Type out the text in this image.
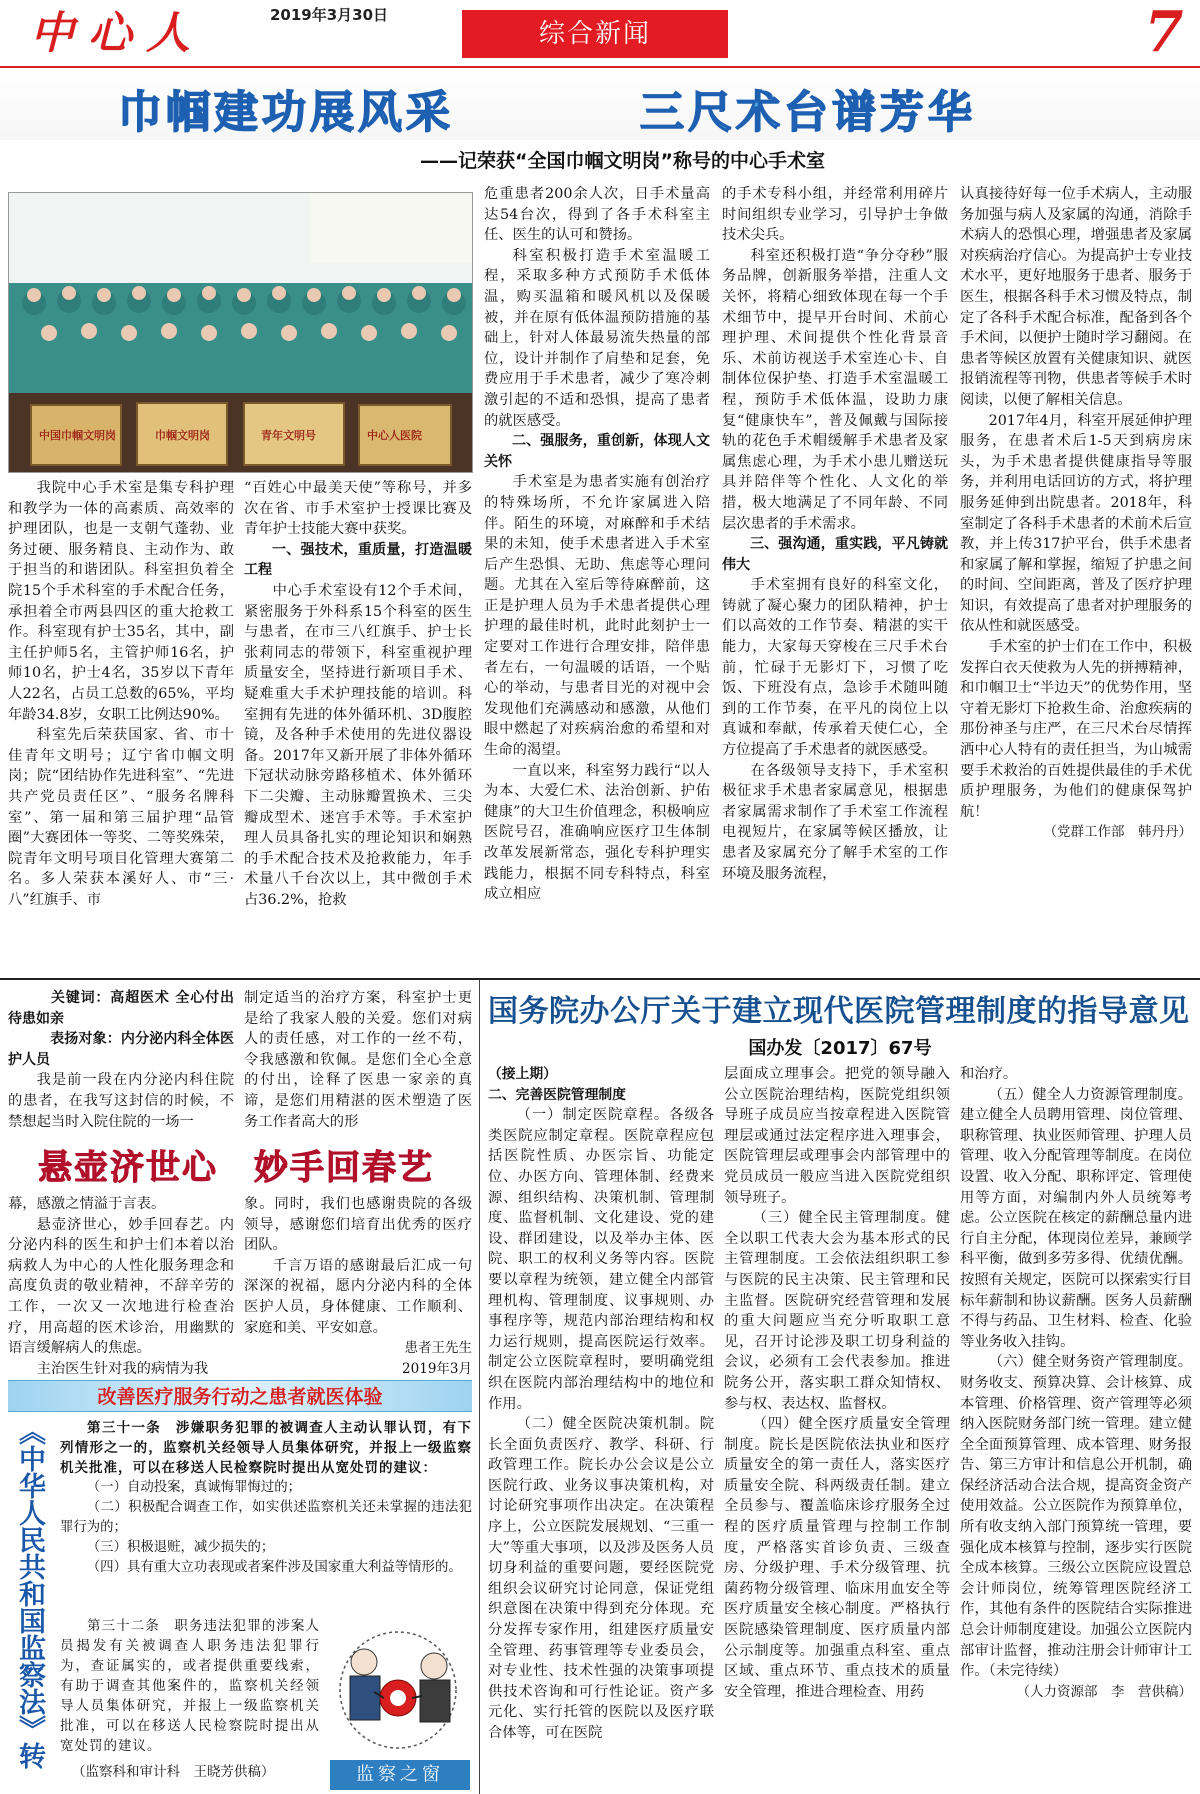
中心人	2019年3月30日
综合新闻	7
巾帼建功展风采	三尺术台谱芳华
——记荣获“全国巾帼文明岗”称号的中心手术室
中国巾帼文明岗	巾帼文明岗	青年文明号	中心人医院

我院中心手术室是集专科护理和教学为一体的高素质、高效率的护理团队，也是一支朝气蓬勃、业务过硬、服务精良、主动作为、敢于担当的和谐团队。科室担负着全院15个手术科室的手术配合任务，承担着全市两县四区的重大抢救工作。科室现有护士35名，其中，副主任护师5名，主管护师16名，护师10名，护士4名，35岁以下青年人22名，占员工总数的65%，平均年龄34.8岁，女职工比例达90%。

科室先后荣获国家、省、市十佳青年文明号；辽宁省巾帼文明岗；院“团结协作先进科室”、“先进共产党员责任区”、“服务名牌科室”、第一届和第三届护理“品管圈”大赛团体一等奖、二等奖殊荣，院青年文明号项目化管理大赛第二名。多人荣获本溪好人、市“三·八”红旗手、市

“百姓心中最美天使”等称号，并多次在省、市手术室护士授课比赛及青年护士技能大赛中获奖。

一、强技术，重质量，打造温暖工程

中心手术室设有12个手术间，紧密服务于外科系15个科室的医生与患者，在市三八红旗手、护士长张莉同志的带领下，科室重视护理质量安全，坚持进行新项目手术、疑难重大手术护理技能的培训。科室拥有先进的体外循环机、3D腹腔镜，及各种手术使用的先进仪器设备。2017年又新开展了非体外循环下冠状动脉旁路移植术、体外循环下二尖瓣、主动脉瓣置换术、三尖瓣成型术、迷宫手术等。手术室护理人员具备扎实的理论知识和娴熟的手术配合技术及抢救能力，年手术量八千台次以上，其中微创手术占36.2%，抢救

危重患者200余人次，日手术量高达54台次，得到了各手术科室主任、医生的认可和赞扬。

科室积极打造手术室温暖工程，采取多种方式预防手术低体温，购买温箱和暖风机以及保暖被，并在原有低体温预防措施的基础上，针对人体最易流失热量的部位，设计并制作了肩垫和足套，免费应用于手术患者，减少了寒冷刺激引起的不适和恐惧，提高了患者的就医感受。

二、强服务，重创新，体现人文关怀

手术室是为患者实施有创治疗的特殊场所，不允许家属进入陪伴。陌生的环境，对麻醉和手术结果的未知，使手术患者进入手术室后产生恐惧、无助、焦虑等心理问题。尤其在入室后等待麻醉前，这正是护理人员为手术患者提供心理护理的最佳时机，此时此刻护士一定要对工作进行合理安排，陪伴患者左右，一句温暖的话语，一个贴心的举动，与患者目光的对视中会发现他们充满感动和感激，从他们眼中燃起了对疾病治愈的希望和对生命的渴望。

一直以来，科室努力践行“以人为本、大爱仁术、法治创新、护佑健康”的大卫生价值理念，积极响应医院号召，准确响应医疗卫生体制改革发展新常态，强化专科护理实践能力，根据不同专科特点，科室成立相应

的手术专科小组，并经常利用碎片时间组织专业学习，引导护士争做技术尖兵。

科室还积极打造“争分夺秒”服务品牌，创新服务举措，注重人文关怀，将精心细致体现在每一个手术细节中，提早开台时间、术前心理护理、术间提供个性化背景音乐、术前访视送手术室连心卡、自制体位保护垫、打造手术室温暖工程，预防手术低体温，设助力康复“健康快车”，普及佩戴与国际接轨的花色手术帽缓解手术患者及家属焦虑心理，为手术小患儿赠送玩具并陪伴等个性化、人文化的举措，极大地满足了不同年龄、不同层次患者的手术需求。

三、强沟通，重实践，平凡铸就伟大

手术室拥有良好的科室文化，铸就了凝心聚力的团队精神，护士们以高效的工作节奏、精湛的实干能力，大家每天穿梭在三尺手术台前，忙碌于无影灯下，习惯了吃饭、下班没有点，急诊手术随叫随到的工作节奏，在平凡的岗位上以真诚和奉献，传承着天使仁心，全方位提高了手术患者的就医感受。

在各级领导支持下，手术室积极征求手术患者家属意见，根据患者家属需求制作了手术室工作流程电视短片，在家属等候区播放，让患者及家属充分了解手术室的工作环境及服务流程，

认真接待好每一位手术病人，主动服务加强与病人及家属的沟通，消除手术病人的恐惧心理，增强患者及家属对疾病治疗信心。为提高护士专业技术水平，更好地服务于患者、服务于医生，根据各科手术习惯及特点，制定了各科手术配合标准，配备到各个手术间，以便护士随时学习翻阅。在患者等候区放置有关健康知识、就医报销流程等刊物，供患者等候手术时阅读，以便了解相关信息。

2017年4月，科室开展延伸护理服务，在患者术后1-5天到病房床头，为手术患者提供健康指导等服务，并利用电话回访的方式，将护理服务延伸到出院患者。2018年，科室制定了各科手术患者的术前术后宣教，并上传317护平台，供手术患者和家属了解和掌握，缩短了护患之间的时间、空间距离，普及了医疗护理知识，有效提高了患者对护理服务的依从性和就医感受。

手术室的护士们在工作中，积极发挥白衣天使救为人先的拼搏精神，和巾帼卫士“半边天”的优势作用，坚守着无影灯下抢救生命、治愈疾病的那份神圣与庄严，在三尺术台尽情挥洒中心人特有的责任担当，为山城需要手术救治的百姓提供最佳的手术优质护理服务，为他们的健康保驾护航！

（党群工作部　韩丹丹）

　关键词：高超医术 全心付出 待患如亲

　表扬对象：内分泌内科全体医护人员

我是前一段在内分泌内科住院的患者，在我写这封信的时候，不禁想起当时入院住院的一场一

制定适当的治疗方案，科室护士更是给了我家人般的关爱。您们对病人的责任感，对工作的一丝不苟，令我感激和钦佩。是您们全心全意的付出，诠释了医患一家亲的真谛，是您们用精湛的医术塑造了医务工作者高大的形

悬壶济世心　妙手回春艺

幕，感激之情溢于言表。

悬壶济世心，妙手回春艺。内分泌内科的医生和护士们本着以治病救人为中心的人性化服务理念和高度负责的敬业精神，不辞辛劳的工作，一次又一次地进行检查治疗，用高超的医术诊治，用幽默的语言缓解病人的焦虑。

主治医生针对我的病情为我

象。同时，我们也感谢贵院的各级领导，感谢您们培育出优秀的医疗团队。

千言万语的感谢最后汇成一句深深的祝福，愿内分泌内科的全体医护人员，身体健康、工作顺利、家庭和美、平安如意。

患者王先生

2019年3月

改善医疗服务行动之患者就医体验
《中华人民共和国监察法》转

第三十一条　涉嫌职务犯罪的被调查人主动认罪认罚，有下列情形之一的，监察机关经领导人员集体研究，并报上一级监察机关批准，可以在移送人民检察院时提出从宽处罚的建议：

（一）自动投案，真诚悔罪悔过的；

（二）积极配合调查工作，如实供述监察机关还未掌握的违法犯罪行为的；

（三）积极退赃，减少损失的；

（四）具有重大立功表现或者案件涉及国家重大利益等情形的。

第三十二条　职务违法犯罪的涉案人员揭发有关被调查人职务违法犯罪行为，查证属实的，或者提供重要线索，有助于调查其他案件的，监察机关经领导人员集体研究，并报上一级监察机关批准，可以在移送人民检察院时提出从宽处罚的建议。

（监察科和审计科　王晓芳供稿）	监察之窗
国务院办公厅关于建立现代医院管理制度的指导意见
国办发〔2017〕67号

（接上期）

二、完善医院管理制度

（一）制定医院章程。各级各类医院应制定章程。医院章程应包括医院性质、办医宗旨、功能定位、办医方向、管理体制、经费来源、组织结构、决策机制、管理制度、监督机制、文化建设、党的建设、群团建设，以及举办主体、医院、职工的权利义务等内容。医院要以章程为统领，建立健全内部管理机构、管理制度、议事规则、办事程序等，规范内部治理结构和权力运行规则，提高医院运行效率。制定公立医院章程时，要明确党组织在医院内部治理结构中的地位和作用。

（二）健全医院决策机制。院长全面负责医疗、教学、科研、行政管理工作。院长办公会议是公立医院行政、业务议事决策机构，对讨论研究事项作出决定。在决策程序上，公立医院发展规划、“三重一大”等重大事项，以及涉及医务人员切身利益的重要问题，要经医院党组织会议研究讨论同意，保证党组织意图在决策中得到充分体现。充分发挥专家作用，组建医疗质量安全管理、药事管理等专业委员会，对专业性、技术性强的决策事项提供技术咨询和可行性论证。资产多元化、实行托管的医院以及医疗联合体等，可在医院

层面成立理事会。把党的领导融入公立医院治理结构，医院党组织领导班子成员应当按章程进入医院管理层或通过法定程序进入理事会，医院管理层或理事会内部管理中的党员成员一般应当进入医院党组织领导班子。

（三）健全民主管理制度。健全以职工代表大会为基本形式的民主管理制度。工会依法组织职工参与医院的民主决策、民主管理和民主监督。医院研究经营管理和发展的重大问题应当充分听取职工意见，召开讨论涉及职工切身利益的会议，必须有工会代表参加。推进院务公开，落实职工群众知情权、参与权、表达权、监督权。

（四）健全医疗质量安全管理制度。院长是医院依法执业和医疗质量安全的第一责任人，落实医疗质量安全院、科两级责任制。建立全员参与、覆盖临床诊疗服务全过程的医疗质量管理与控制工作制度，严格落实首诊负责、三级查房、分级护理、手术分级管理、抗菌药物分级管理、临床用血安全等医疗质量安全核心制度。严格执行医院感染管理制度、医疗质量内部公示制度等。加强重点科室、重点区域、重点环节、重点技术的质量安全管理，推进合理检查、用药

和治疗。

（五）健全人力资源管理制度。建立健全人员聘用管理、岗位管理、职称管理、执业医师管理、护理人员管理、收入分配管理等制度。在岗位设置、收入分配、职称评定、管理使用等方面，对编制内外人员统筹考虑。公立医院在核定的薪酬总量内进行自主分配，体现岗位差异，兼顾学科平衡，做到多劳多得、优绩优酬。按照有关规定，医院可以探索实行目标年薪制和协议薪酬。医务人员薪酬不得与药品、卫生材料、检查、化验等业务收入挂钩。

（六）健全财务资产管理制度。财务收支、预算决算、会计核算、成本管理、价格管理、资产管理等必须纳入医院财务部门统一管理。建立健全全面预算管理、成本管理、财务报告、第三方审计和信息公开机制，确保经济活动合法合规，提高资金资产使用效益。公立医院作为预算单位，所有收支纳入部门预算统一管理，要强化成本核算与控制，逐步实行医院全成本核算。三级公立医院应设置总会计师岗位，统筹管理医院经济工作，其他有条件的医院结合实际推进总会计师制度建设。加强公立医院内部审计监督，推动注册会计师审计工作。（未完待续）

（人力资源部　李　营供稿）
